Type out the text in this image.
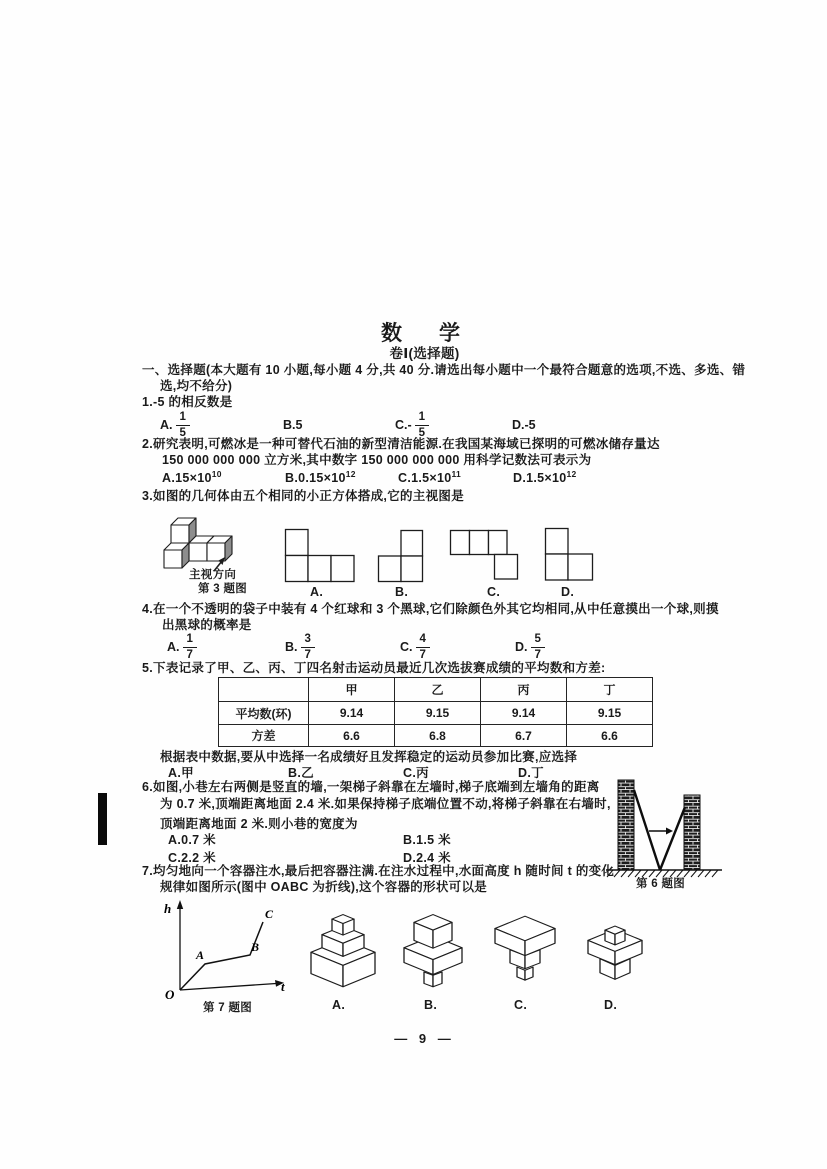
数　学
卷Ⅰ(选择题)
一、选择题(本大题有 10 小题,每小题 4 分,共 40 分.请选出每小题中一个最符合题意的选项,不选、多选、错
选,均不给分)
1.-5 的相反数是
A. $\frac{1}{5}$	B.5	$C.- \frac{1}{5}$	D.-5
2.研究表明,可燃冰是一种可替代石油的新型清洁能源.在我国某海域已探明的可燃冰储存量达
150 000 000 000 立方米,其中数字 150 000 000 000 用科学记数法可表示为
$A.15\times 10^{10}$	$B.0.15\times 10^{12}$	$C.1.5\times 10^{11}$	$D.1.5\times 10^{12}$
3.如图的几何体由五个相同的小正方体搭成,它的主视图是
主视方向
第 3 题图	A.	B.	C.	D.
4.在一个不透明的袋子中装有 4 个红球和 3 个黑球,它们除颜色外其它均相同,从中任意摸出一个球,则摸
出黑球的概率是
A. $\frac{1}{7}$	B. $\frac{3}{7}$	C. $\frac{4}{7}$	D. $\frac{5}{7}$
5.下表记录了甲、乙、丙、丁四名射击运动员最近几次选拔赛成绩的平均数和方差:
	甲	乙	丙	丁
平均数(环)	9.14	9.15	9.14	9.15
方差	6.6	6.8	6.7	6.6
根据表中数据,要从中选择一名成绩好且发挥稳定的运动员参加比赛,应选择
A.甲	B.乙	C.丙	D.丁
6.如图,小巷左右两侧是竖直的墙,一架梯子斜靠在左墙时,梯子底端到左墙角的距离
为 0.7 米,顶端距离地面 2.4 米.如果保持梯子底端位置不动,将梯子斜靠在右墙时,
顶端距离地面 2 米.则小巷的宽度为
A.0.7 米	B.1.5 米
C.2.2 米	D.2.4 米
第 6 题图
7.均匀地向一个容器注水,最后把容器注满.在注水过程中,水面高度 h 随时间 t 的变化
规律如图所示(图中 OABC 为折线),这个容器的形状可以是
h
t
O
A
B
C
第 7 题图	A.	B.	C.	D.
— 9 —
